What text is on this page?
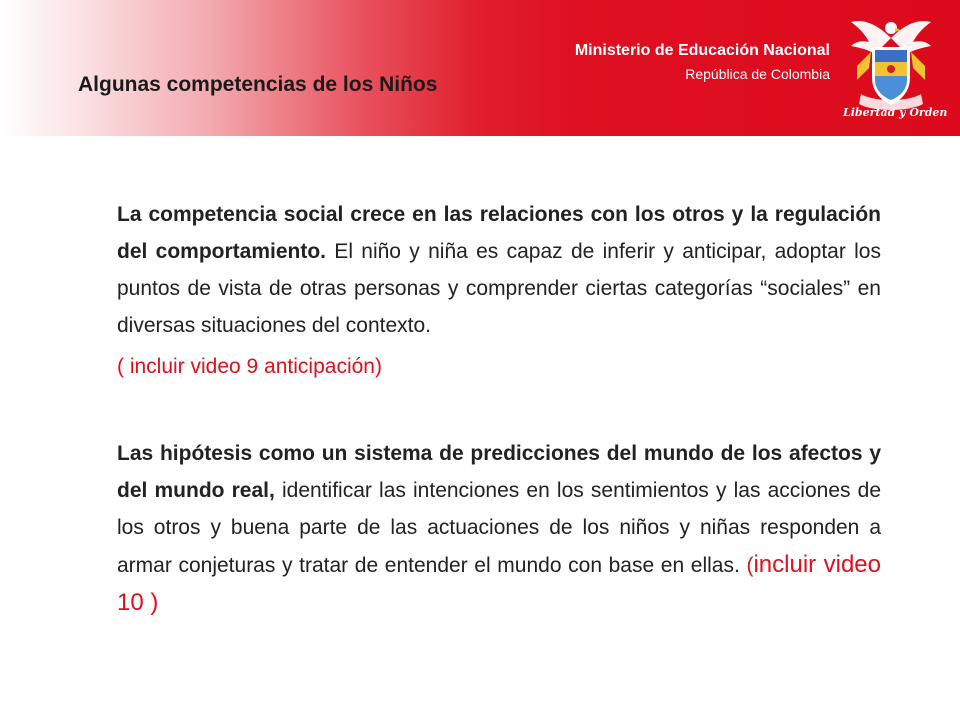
Algunas competencias de los Niños
Ministerio de Educación Nacional
República de Colombia
Libertad y Orden

La competencia social crece en las relaciones con los otros y la regulación del comportamiento. El niño y niña es capaz de inferir y anticipar, adoptar los puntos de vista de otras personas y comprender ciertas categorías “sociales” en diversas situaciones del contexto.

( incluir video 9 anticipación)

Las hipótesis como un sistema de predicciones del mundo de los afectos y del mundo real, identificar las intenciones en los sentimientos y las acciones de los otros y buena parte de las actuaciones de los niños y niñas responden a armar conjeturas y tratar de entender el mundo con base en ellas. (incluir video 10 )
